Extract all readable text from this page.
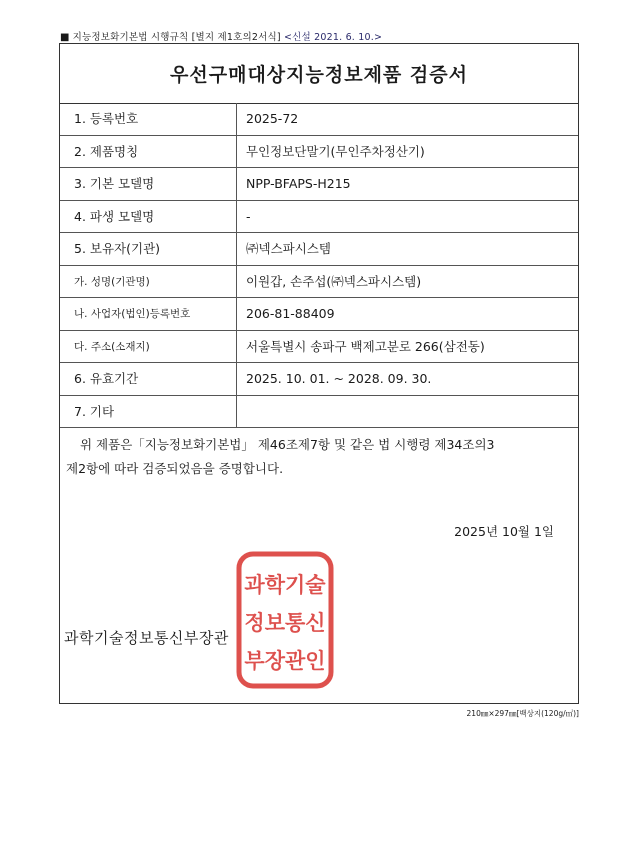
■ 지능정보화기본법 시행규칙 [별지 제1호의2서식] <신설 2021. 6. 10.>
우선구매대상지능정보제품 검증서
1. 등록번호	2025-72
2. 제품명칭	무인정보단말기(무인주차정산기)
3. 기본 모델명	NPP-BFAPS-H215
4. 파생 모델명	-
5. 보유자(기관)	㈜넥스파시스템
가. 성명(기관명)	이원갑, 손주섭(㈜넥스파시스템)
나. 사업자(법인)등록번호	206-81-88409
다. 주소(소재지)	서울특별시 송파구 백제고분로 266(삼전동)
6. 유효기간	2025. 10. 01. ~ 2028. 09. 30.
7. 기타

위 제품은「지능정보화기본법」 제46조제7항 및 같은 법 시행령 제34조의3

제2항에 따라 검증되었음을 증명합니다.

2025년 10월 1일
과학기술정보통신부장관
과학기술
정보통신
부장관인
210㎜×297㎜[백상지(120g/㎡)]
